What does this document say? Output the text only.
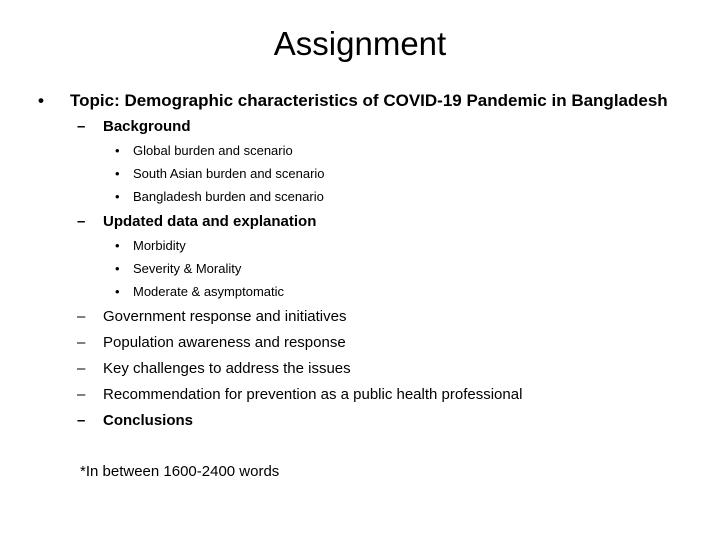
Assignment
• Topic: Demographic characteristics of COVID-19 Pandemic in Bangladesh
– Background
• Global burden and scenario
• South Asian burden and scenario
• Bangladesh burden and scenario
– Updated data and explanation
• Morbidity
• Severity & Morality
• Moderate & asymptomatic
– Government response and initiatives
– Population awareness and response
– Key challenges to address the issues
– Recommendation for prevention as a public health professional
– Conclusions
*In between 1600-2400 words
